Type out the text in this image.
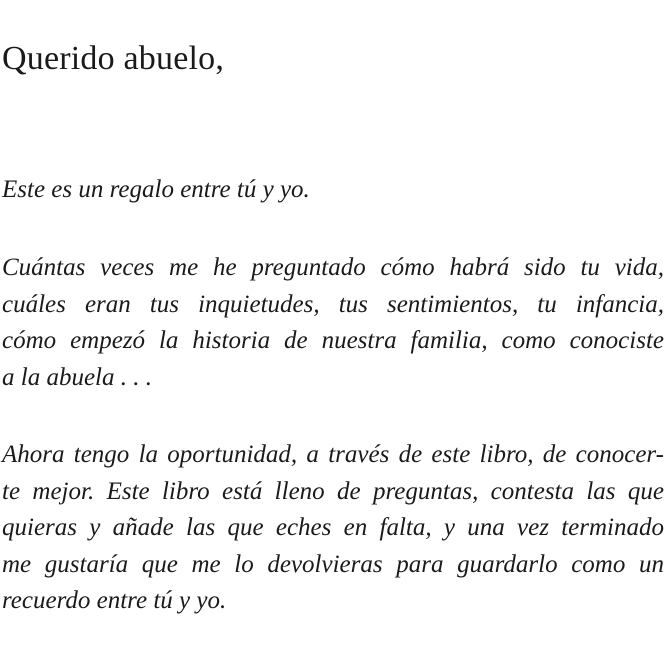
Querido abuelo,

Este es un regalo entre tú y yo.

Cuántas veces me he preguntado cómo habrá sido tu vida,
cuáles eran tus inquietudes, tus sentimientos, tu infancia,
cómo empezó la historia de nuestra familia, como conociste
a la abuela . . .

Ahora tengo la oportunidad, a través de este libro, de conocer-
te mejor. Este libro está lleno de preguntas, contesta las que
quieras y añade las que eches en falta, y una vez terminado
me gustaría que me lo devolvieras para guardarlo como un
recuerdo entre tú y yo.
